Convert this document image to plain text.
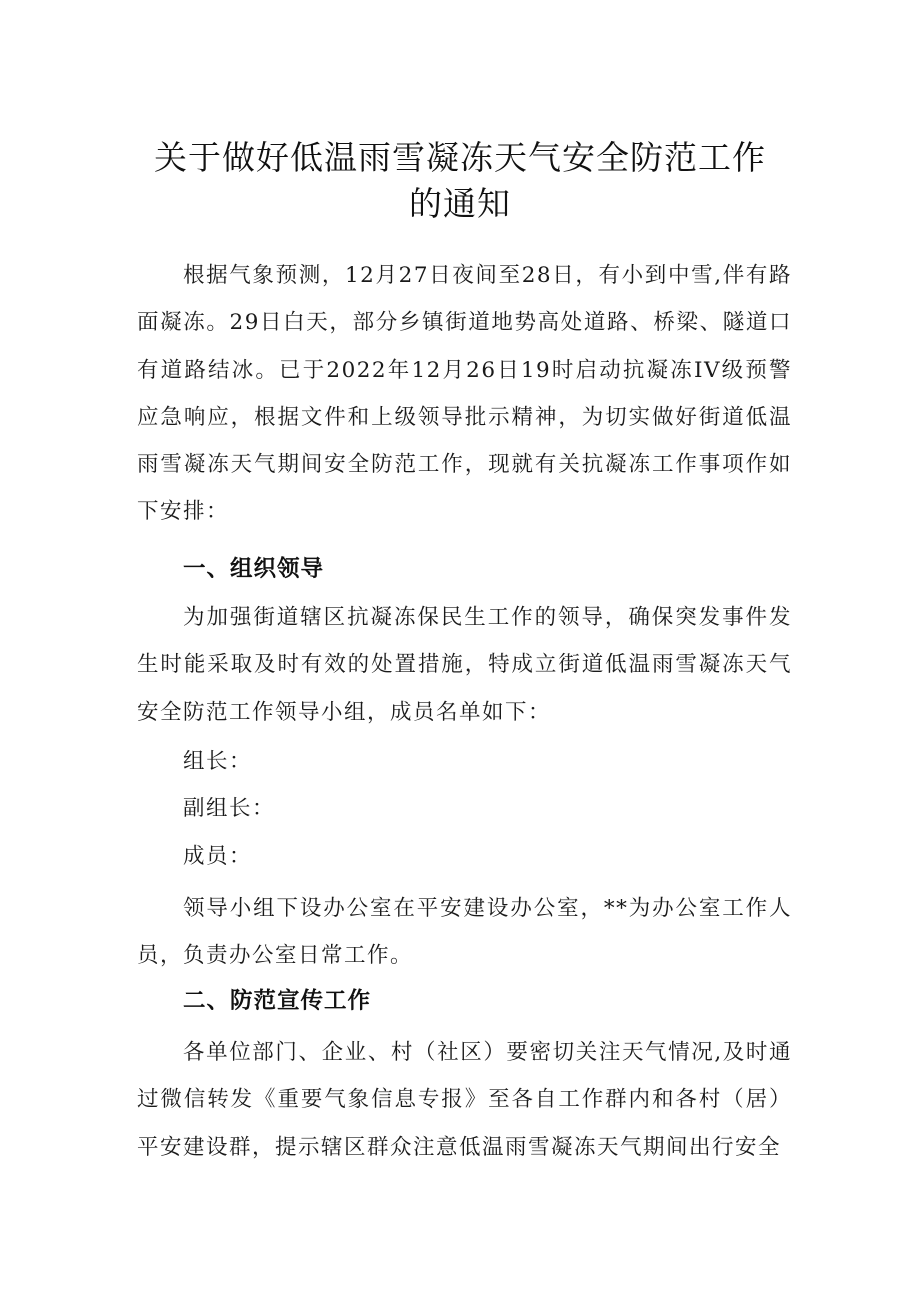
关于做好低温雨雪凝冻天气安全防范工作
的通知

根据气象预测，12月27日夜间至28日，有小到中雪,伴有路面凝冻。29日白天，部分乡镇街道地势高处道路、桥梁、隧道口有道路结冰。已于2022年12月26日19时启动抗凝冻IV级预警应急响应，根据文件和上级领导批示精神，为切实做好街道低温雨雪凝冻天气期间安全防范工作，现就有关抗凝冻工作事项作如下安排：

一、组织领导

为加强街道辖区抗凝冻保民生工作的领导，确保突发事件发生时能采取及时有效的处置措施，特成立街道低温雨雪凝冻天气安全防范工作领导小组，成员名单如下：

组长：

副组长：

成员：

领导小组下设办公室在平安建设办公室，**为办公室工作人员，负责办公室日常工作。

二、防范宣传工作

各单位部门、企业、村（社区）要密切关注天气情况,及时通过微信转发《重要气象信息专报》至各自工作群内和各村（居）平安建设群，提示辖区群众注意低温雨雪凝冻天气期间出行安全
